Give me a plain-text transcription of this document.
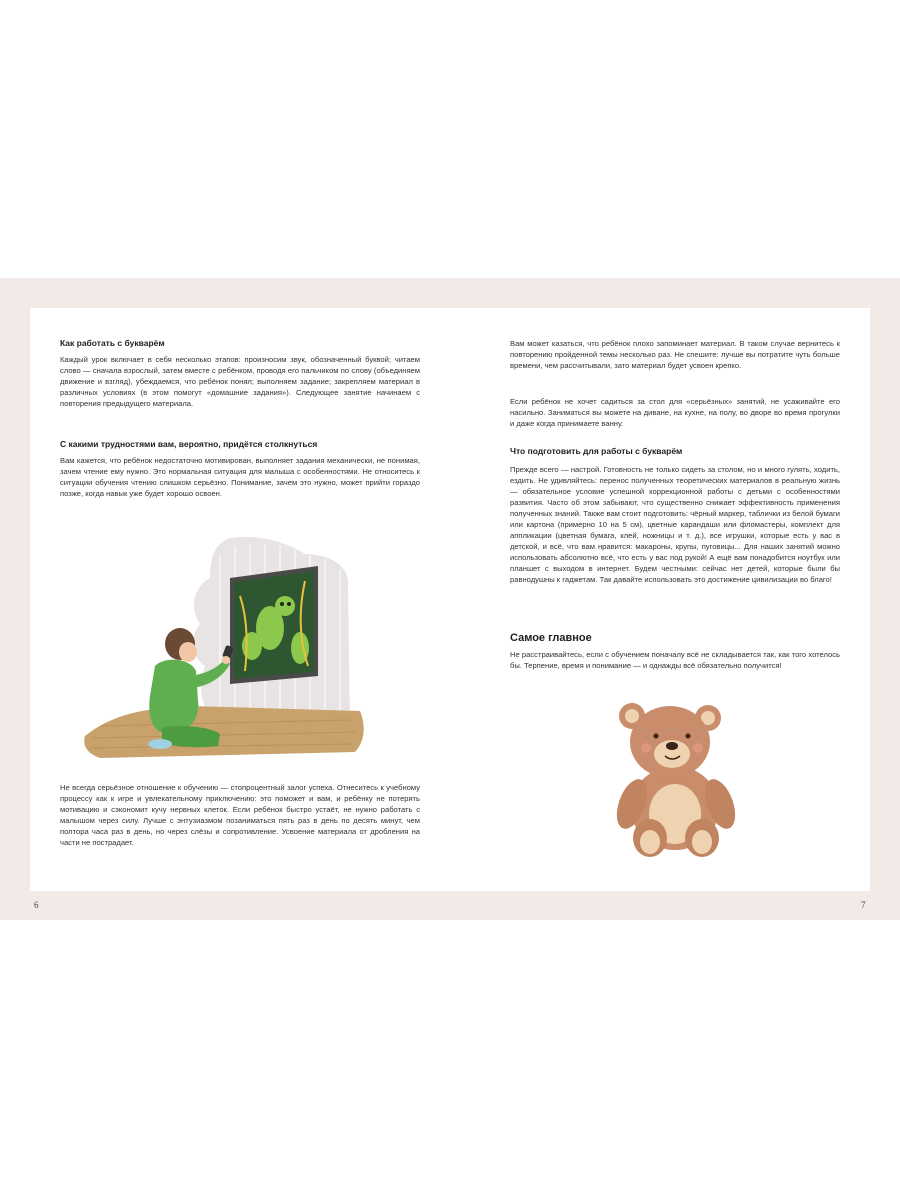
Как работать с букварём

Каждый урок включает в себя несколько этапов: произносим звук, обозначенный буквой; читаем слово — сначала взрослый, затем вместе с ребёнком, проводя его пальчиком по слову (объединяем движение и взгляд), убеждаемся, что ребёнок понял; выполняем задание; закрепляем материал в различных условиях (в этом помогут «домашние задания»). Следующее занятие начинаем с повторения предыдущего материала.

С какими трудностями вам, вероятно, придётся столкнуться

Вам кажется, что ребёнок недостаточно мотивирован, выполняет задания механически, не понимая, зачем чтение ему нужно. Это нормальная ситуация для малыша с особенностями. Не относитесь к ситуации обучения чтению слишком серьёзно. Понимание, зачем это нужно, может прийти гораздо позже, когда навык уже будет хорошо освоен.

Не всегда серьёзное отношение к обучению — стопроцентный залог успеха. Отнеситесь к учебному процессу как к игре и увлекательному приключению: это поможет и вам, и ребёнку не потерять мотивацию и сэкономит кучу нервных клеток. Если ребёнок быстро устаёт, не нужно работать с малышом через силу. Лучше с энтузиазмом позаниматься пять раз в день по десять минут, чем полтора часа раз в день, но через слёзы и сопротивление. Усвоение материала от дробления на части не пострадает.

Вам может казаться, что ребёнок плохо запоминает материал. В таком случае вернитесь к повторению пройденной темы несколько раз. Не спешите: лучше вы потратите чуть больше времени, чем рассчитывали, зато материал будет усвоен крепко.

Если ребёнок не хочет садиться за стол для «серьёзных» занятий, не усаживайте его насильно. Заниматься вы можете на диване, на кухне, на полу, во дворе во время прогулки и даже когда принимаете ванну.

Что подготовить для работы с букварём

Прежде всего — настрой. Готовность не только сидеть за столом, но и много гулять, ходить, ездить. Не удивляйтесь: перенос полученных теоретических материалов в реальную жизнь — обязательное условие успешной коррекционной работы с детьми с особенностями развития. Часто об этом забывают, что существенно снижает эффективность применения полученных знаний. Также вам стоит подготовить: чёрный маркер, таблички из белой бумаги или картона (примерно 10 на 5 см), цветные карандаши или фломастеры, комплект для аппликации (цветная бумага, клей, ножницы и т. д.), все игрушки, которые есть у вас в детской, и всё, что вам нравится: макароны, крупы, пуговицы... Для наших занятий можно использовать абсолютно всё, что есть у вас под рукой! А ещё вам понадобится ноутбук или планшет с выходом в интернет. Будем честными: сейчас нет детей, которые были бы равнодушны к гаджетам. Так давайте использовать это достижение цивилизации во благо!

Самое главное

Не расстраивайтесь, если с обучением поначалу всё не складывается так, как того хотелось бы. Терпение, время и понимание — и однажды всё обязательно получится!

6	7
